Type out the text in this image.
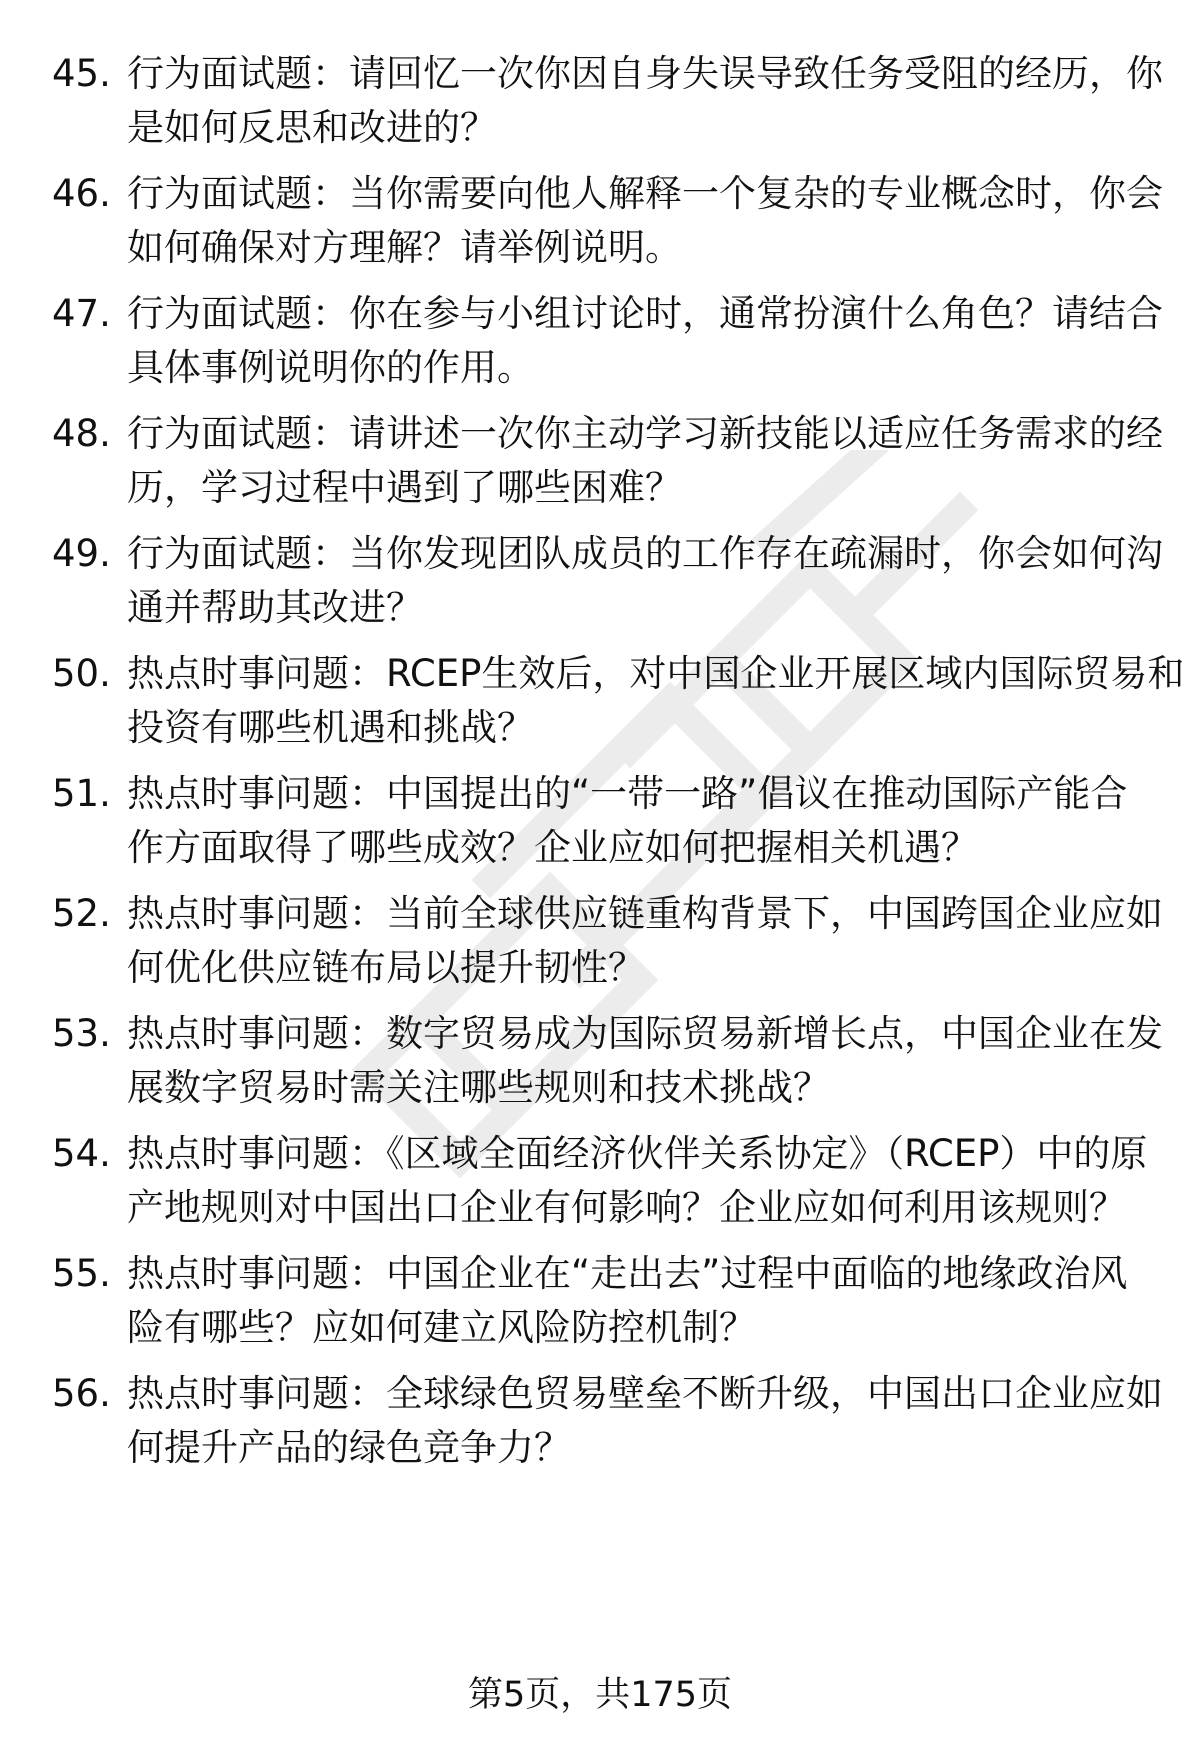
45. 行为面试题：请回忆一次你因自身失误导致任务受阻的经历，你
是如何反思和改进的？
46. 行为面试题：当你需要向他人解释一个复杂的专业概念时，你会
如何确保对方理解？请举例说明。
47. 行为面试题：你在参与小组讨论时，通常扮演什么角色？请结合
具体事例说明你的作用。
48. 行为面试题：请讲述一次你主动学习新技能以适应任务需求的经
历，学习过程中遇到了哪些困难？
49. 行为面试题：当你发现团队成员的工作存在疏漏时，你会如何沟
通并帮助其改进？
50. 热点时事问题：RCEP生效后，对中国企业开展区域内国际贸易和
投资有哪些机遇和挑战？
51. 热点时事问题：中国提出的“一带一路”倡议在推动国际产能合
作方面取得了哪些成效？企业应如何把握相关机遇？
52. 热点时事问题：当前全球供应链重构背景下，中国跨国企业应如
何优化供应链布局以提升韧性？
53. 热点时事问题：数字贸易成为国际贸易新增长点，中国企业在发
展数字贸易时需关注哪些规则和技术挑战？
54. 热点时事问题：《区域全面经济伙伴关系协定》（RCEP）中的原
产地规则对中国出口企业有何影响？企业应如何利用该规则？
55. 热点时事问题：中国企业在“走出去”过程中面临的地缘政治风
险有哪些？应如何建立风险防控机制？
56. 热点时事问题：全球绿色贸易壁垒不断升级，中国出口企业应如
何提升产品的绿色竞争力？
第5页，共175页
